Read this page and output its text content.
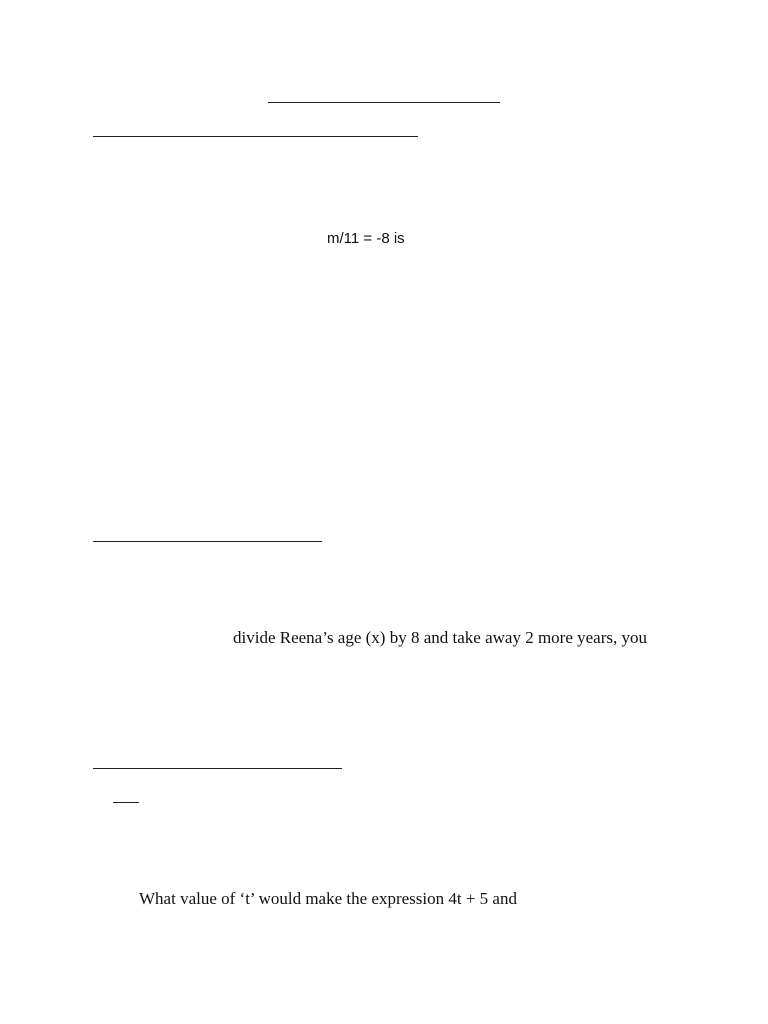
m/11 = -8 is
divide Reena’s age (x) by 8 and take away 2 more years, you
What value of ‘t’ would make the expression 4t + 5 and
